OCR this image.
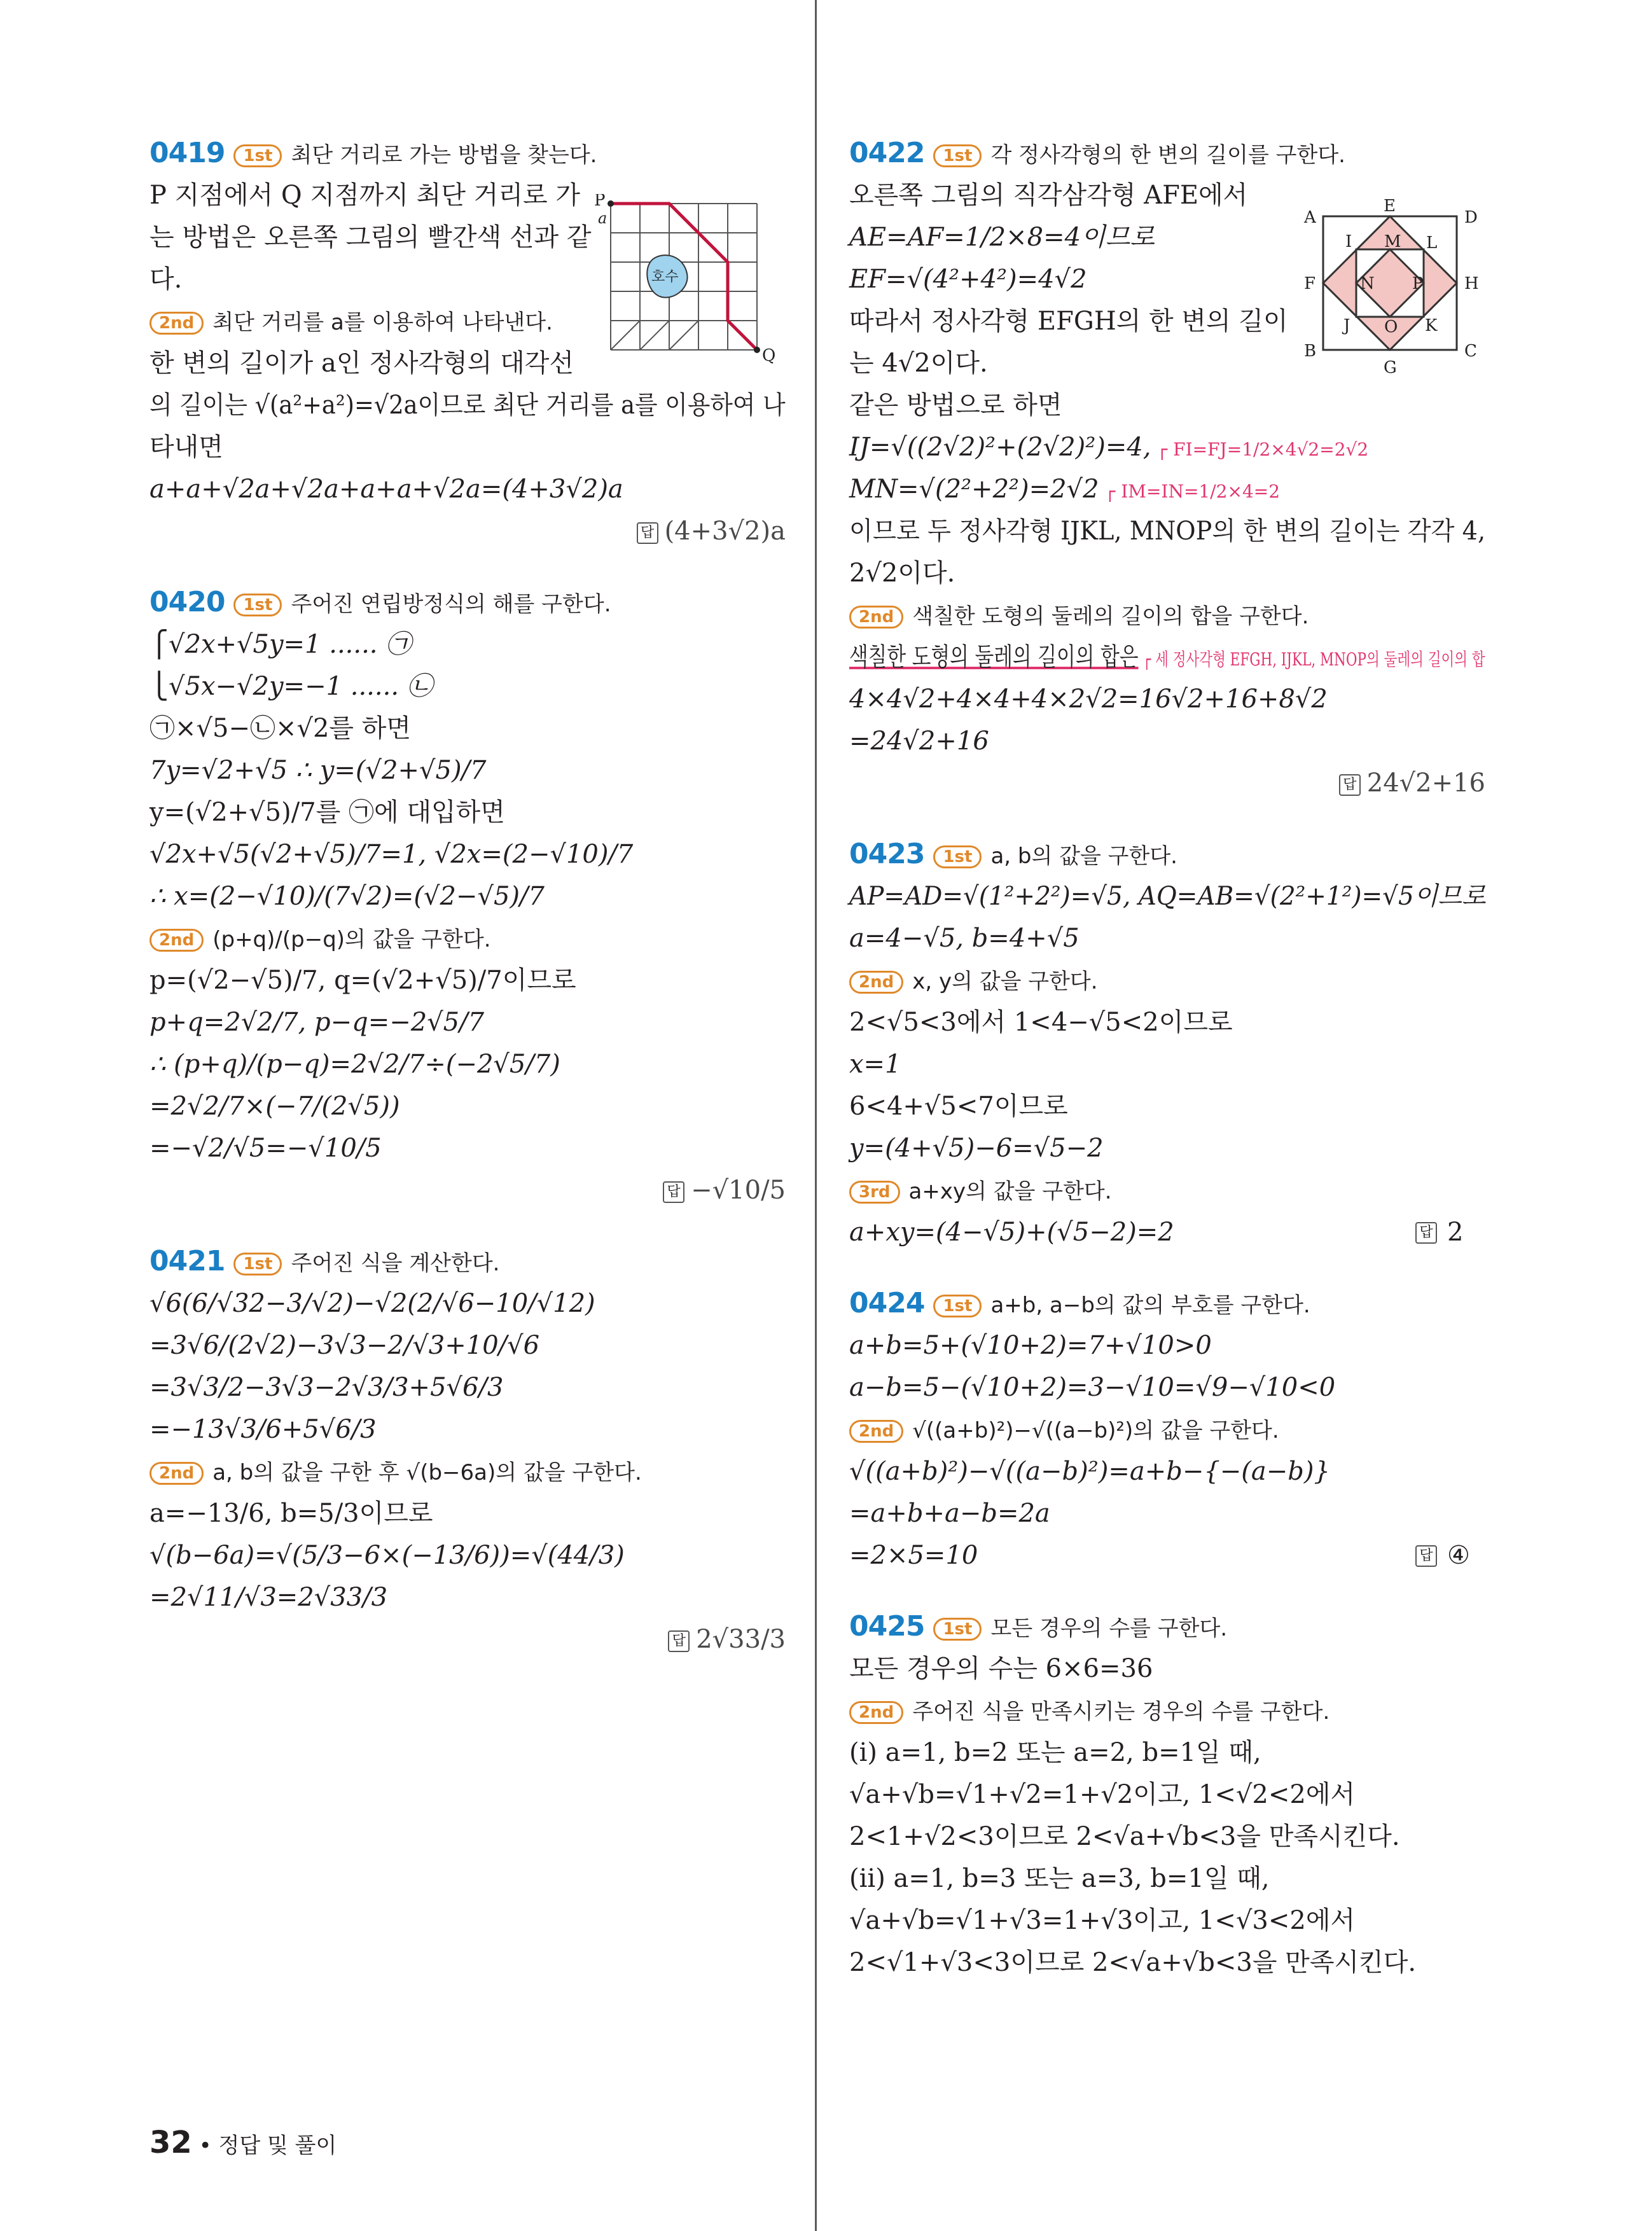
0419 1st 최단 거리로 가는 방법을 찾는다.
P 지점에서 Q 지점까지 최단 거리로 가
는 방법은 오른쪽 그림의 빨간색 선과 같
다.
2nd 최단 거리를 a를 이용하여 나타낸다.
한 변의 길이가 a인 정사각형의 대각선
의 길이는 √(a²+a²)=√2a이므로 최단 거리를 a를 이용하여 나
타내면
a+a+√2a+√2a+a+a+√2a=(4+3√2)a
답 (4+3√2)a
0420 1st 주어진 연립방정식의 해를 구한다.
⎧√2x+√5y=1 ...... ㉠
⎩√5x−√2y=−1 ...... ㉡
㉠×√5−㉡×√2를 하면
7y=√2+√5 ∴ y=(√2+√5)/7
y=(√2+√5)/7를 ㉠에 대입하면
√2x+√5(√2+√5)/7=1, √2x=(2−√10)/7
∴ x=(2−√10)/(7√2)=(√2−√5)/7
2nd (p+q)/(p−q)의 값을 구한다.
p=(√2−√5)/7, q=(√2+√5)/7이므로
p+q=2√2/7, p−q=−2√5/7
∴ (p+q)/(p−q)=2√2/7÷(−2√5/7)
=2√2/7×(−7/(2√5))
=−√2/√5=−√10/5
답 −√10/5
0421 1st 주어진 식을 계산한다.
√6(6/√32−3/√2)−√2(2/√6−10/√12)
=3√6/(2√2)−3√3−2/√3+10/√6
=3√3/2−3√3−2√3/3+5√6/3
=−13√3/6+5√6/3
2nd a, b의 값을 구한 후 √(b−6a)의 값을 구한다.
a=−13/6, b=5/3이므로
√(b−6a)=√(5/3−6×(−13/6))=√(44/3)
=2√11/√3=2√33/3
답 2√33/3
0422 1st 각 정사각형의 한 변의 길이를 구한다.
오른쪽 그림의 직각삼각형 AFE에서
AE=AF=1/2×8=4이므로
EF=√(4²+4²)=4√2
따라서 정사각형 EFGH의 한 변의 길이
는 4√2이다.
같은 방법으로 하면
IJ=√((2√2)²+(2√2)²)=4, ┌ FI=FJ=1/2×4√2=2√2
MN=√(2²+2²)=2√2 ┌ IM=IN=1/2×4=2
이므로 두 정사각형 IJKL, MNOP의 한 변의 길이는 각각 4,
2√2이다.
2nd 색칠한 도형의 둘레의 길이의 합을 구한다.
색칠한 도형의 둘레의 길이의 합은 ┌ 세 정사각형 EFGH, IJKL, MNOP의 둘레의 길이의 합
4×4√2+4×4+4×2√2=16√2+16+8√2
=24√2+16
답 24√2+16
0423 1st a, b의 값을 구한다.
AP=AD=√(1²+2²)=√5, AQ=AB=√(2²+1²)=√5이므로
a=4−√5, b=4+√5
2nd x, y의 값을 구한다.
2<√5<3에서 1<4−√5<2이므로
x=1
6<4+√5<7이므로
y=(4+√5)−6=√5−2
3rd a+xy의 값을 구한다.
a+xy=(4−√5)+(√5−2)=2	답 2
0424 1st a+b, a−b의 값의 부호를 구한다.
a+b=5+(√10+2)=7+√10>0
a−b=5−(√10+2)=3−√10=√9−√10<0
2nd √((a+b)²)−√((a−b)²)의 값을 구한다.
√((a+b)²)−√((a−b)²)=a+b−{−(a−b)}
=a+b+a−b=2a
=2×5=10	답 ④
0425 1st 모든 경우의 수를 구한다.
모든 경우의 수는 6×6=36
2nd 주어진 식을 만족시키는 경우의 수를 구한다.
(ⅰ) a=1, b=2 또는 a=2, b=1일 때,
√a+√b=√1+√2=1+√2이고, 1<√2<2에서
2<1+√2<3이므로 2<√a+√b<3을 만족시킨다.
(ⅱ) a=1, b=3 또는 a=3, b=1일 때,
√a+√b=√1+√3=1+√3이고, 1<√3<2에서
2<√1+√3<3이므로 2<√a+√b<3을 만족시킨다.
호수
P
a
Q
A
E
D
I M L
F	N P H
J O K
B
G
C
32 • 정답 및 풀이
